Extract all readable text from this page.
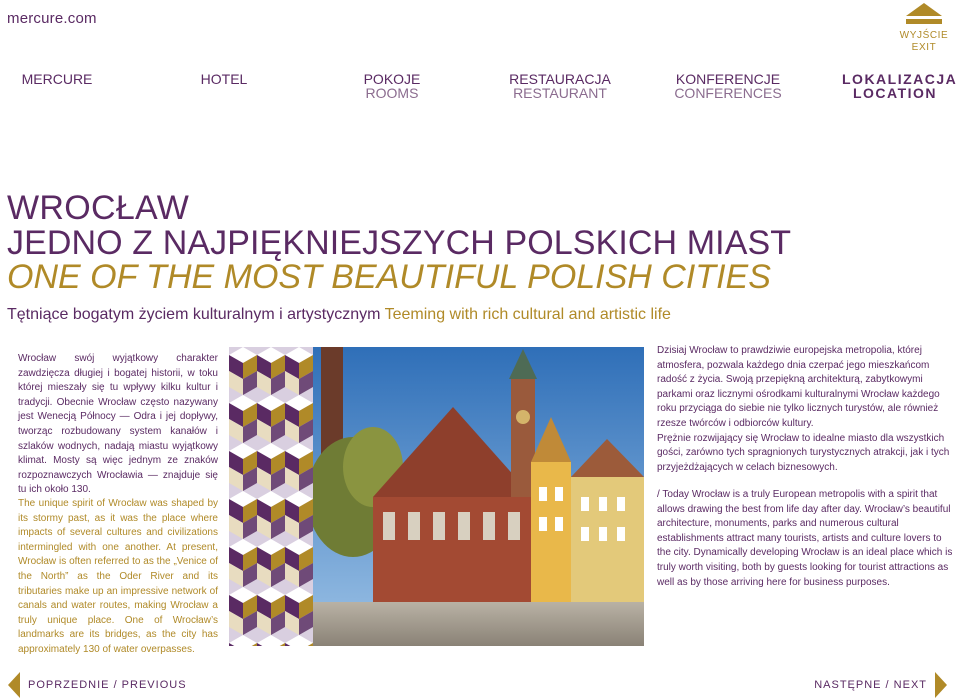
mercure.com
WYJŚCIE
EXIT
MERCURE	HOTEL	POKOJE
ROOMS
RESTAURACJA
RESTAURANT
KONFERENCJE
CONFERENCES
LOKALIZACJA
LOCATION
WROCŁAW
JEDNO Z NAJPIĘKNIEJSZYCH POLSKICH MIAST
ONE OF THE MOST BEAUTIFUL POLISH CITIES
Tętniące bogatym życiem kulturalnym i artystycznym Teeming with rich cultural and artistic life
Wrocław swój wyjątkowy charakter zawdzięcza długiej i bogatej historii, w toku której mieszały się tu wpływy kilku kultur i tradycji. Obecnie Wrocław często nazywany jest Wenecją Północy — Odra i jej dopływy, tworząc rozbudowany system kanałów i szlaków wodnych, nadają miastu wyjątkowy klimat. Mosty są więc jednym ze znaków rozpoznawczych Wrocławia — znajduje się tu ich około 130.
The unique spirit of Wrocław was shaped by its stormy past, as it was the place where impacts of several cultures and civilizations intermingled with one another. At present, Wrocław is often referred to as the „Venice of the North” as the Oder River and its tributaries make up an impressive network of canals and water routes, making Wrocław a truly unique place. One of Wrocław’s landmarks are its bridges, as the city has approximately 130 of water overpasses.

Dzisiaj Wrocław to prawdziwie europejska metropolia, której atmosfera, pozwala każdego dnia czerpać jego mieszkańcom radość z życia. Swoją przepiękną architekturą, zabytkowymi parkami oraz licznymi ośrodkami kulturalnymi Wrocław każdego roku przyciąga do siebie nie tylko licznych turystów, ale również rzesze twórców i odbiorców kultury.

Prężnie rozwijający się Wrocław to idealne miasto dla wszystkich gości, zarówno tych spragnionych turystycznych atrakcji, jak i tych przyjeżdżających w celach biznesowych.

/ Today Wrocław is a truly European metropolis with a spirit that allows drawing the best from life day after day. Wrocław’s beautiful architecture, monuments, parks and numerous cultural establishments attract many tourists, artists and culture lovers to the city. Dynamically developing Wrocław is an ideal place which is truly worth visiting, both by guests looking for tourist attractions as well as by those arriving here for business purposes.

POPRZEDNIE / PREVIOUS	NASTĘPNE / NEXT
